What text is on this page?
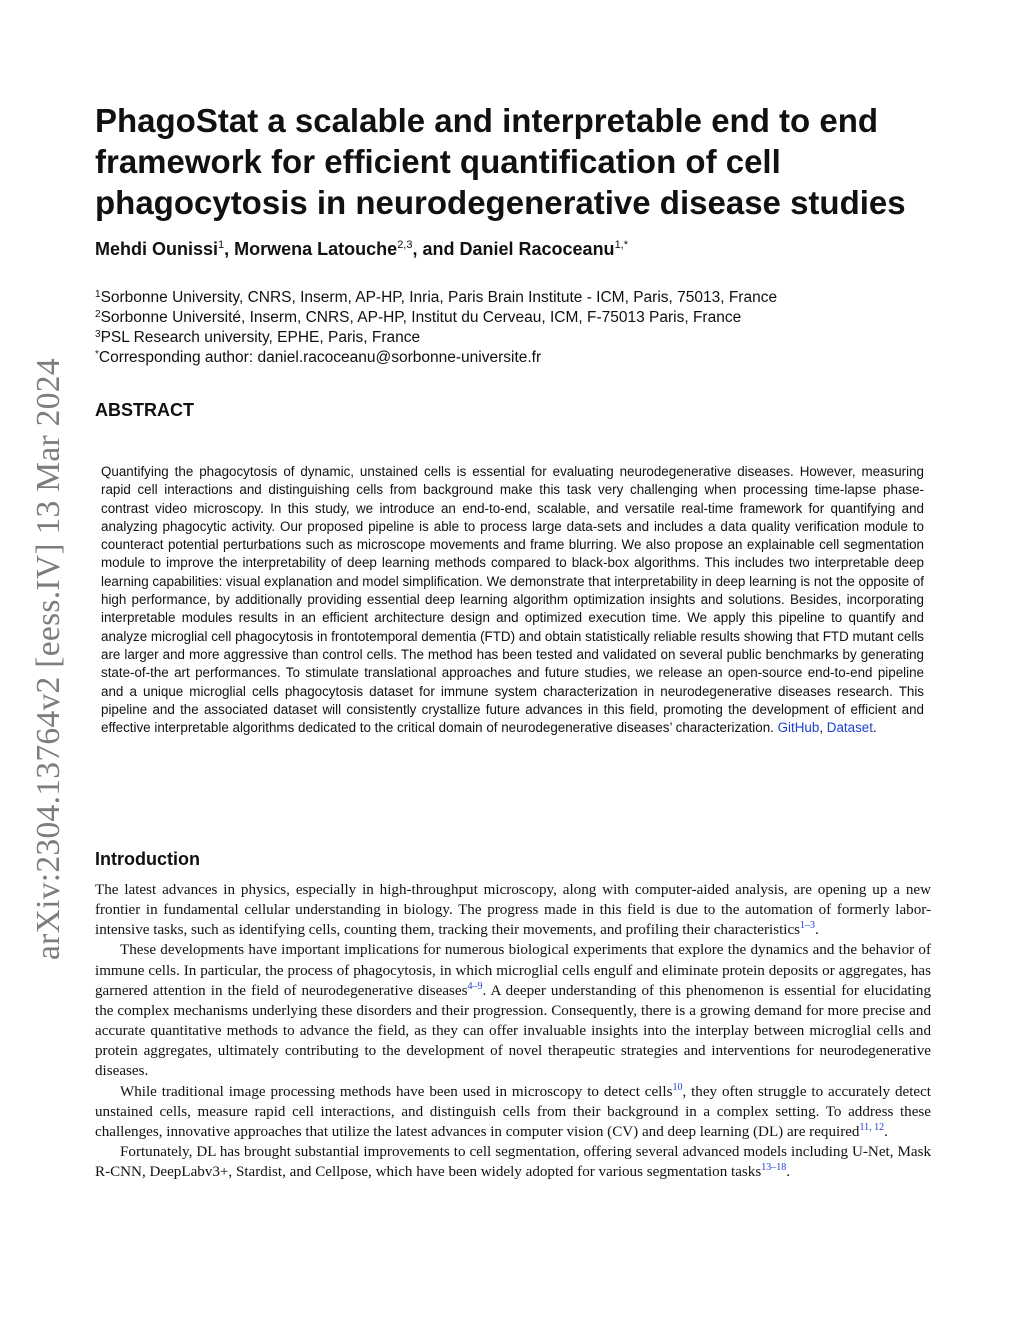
arXiv:2304.13764v2 [eess.IV] 13 Mar 2024
PhagoStat a scalable and interpretable end to end
framework for efficient quantification of cell
phagocytosis in neurodegenerative disease studies
Mehdi Ounissi$^1$, Morwena Latouche$^{2,3}$, and Daniel Racoceanu$^{1,*}$
$^1$Sorbonne University, CNRS, Inserm, AP-HP, Inria, Paris Brain Institute - ICM, Paris, 75013, France
$^2$Sorbonne Université, Inserm, CNRS, AP-HP, Institut du Cerveau, ICM, F-75013 Paris, France
$^3$PSL Research university, EPHE, Paris, France
*Corresponding author: daniel.racoceanu@sorbonne-universite.fr
ABSTRACT

Quantifying the phagocytosis of dynamic, unstained cells is essential for evaluating neurodegenerative diseases. However, measuring rapid cell interactions and distinguishing cells from background make this task very challenging when processing time-lapse phase-contrast video microscopy. In this study, we introduce an end-to-end, scalable, and versatile real-time framework for quantifying and analyzing phagocytic activity. Our proposed pipeline is able to process large data-sets and includes a data quality verification module to counteract potential perturbations such as microscope movements and frame blurring. We also propose an explainable cell segmentation module to improve the interpretability of deep learning methods compared to black-box algorithms. This includes two interpretable deep learning capabilities: visual explanation and model simplification. We demonstrate that interpretability in deep learning is not the opposite of high performance, by additionally providing essential deep learning algorithm optimization insights and solutions. Besides, incorporating interpretable modules results in an efficient architecture design and optimized execution time. We apply this pipeline to quantify and analyze microglial cell phagocytosis in frontotemporal dementia (FTD) and obtain statistically reliable results showing that FTD mutant cells are larger and more aggressive than control cells. The method has been tested and validated on several public benchmarks by generating state-of-the art performances. To stimulate translational approaches and future studies, we release an open-source end-to-end pipeline and a unique microglial cells phagocytosis dataset for immune system characterization in neurodegenerative diseases research. This pipeline and the associated dataset will consistently crystallize future advances in this field, promoting the development of efficient and effective interpretable algorithms dedicated to the critical domain of neurodegenerative diseases’ characterization. GitHub, Dataset.

Introduction

The latest advances in physics, especially in high-throughput microscopy, along with computer-aided analysis, are opening up a new frontier in fundamental cellular understanding in biology. The progress made in this field is due to the automation of formerly labor-intensive tasks, such as identifying cells, counting them, tracking their movements, and profiling their characteristics$^{1-3}$.

These developments have important implications for numerous biological experiments that explore the dynamics and the behavior of immune cells. In particular, the process of phagocytosis, in which microglial cells engulf and eliminate protein deposits or aggregates, has garnered attention in the field of neurodegenerative diseases$^{4-9}$. A deeper understanding of this phenomenon is essential for elucidating the complex mechanisms underlying these disorders and their progression. Consequently, there is a growing demand for more precise and accurate quantitative methods to advance the field, as they can offer invaluable insights into the interplay between microglial cells and protein aggregates, ultimately contributing to the development of novel therapeutic strategies and interventions for neurodegenerative diseases.

While traditional image processing methods have been used in microscopy to detect cells$^{10}$, they often struggle to accurately detect unstained cells, measure rapid cell interactions, and distinguish cells from their background in a complex setting. To address these challenges, innovative approaches that utilize the latest advances in computer vision (CV) and deep learning (DL) are required$^{11, 12}$.

Fortunately, DL has brought substantial improvements to cell segmentation, offering several advanced models including U-Net, Mask R-CNN, DeepLabv3+, Stardist, and Cellpose, which have been widely adopted for various segmentation tasks$^{13-18}$.
